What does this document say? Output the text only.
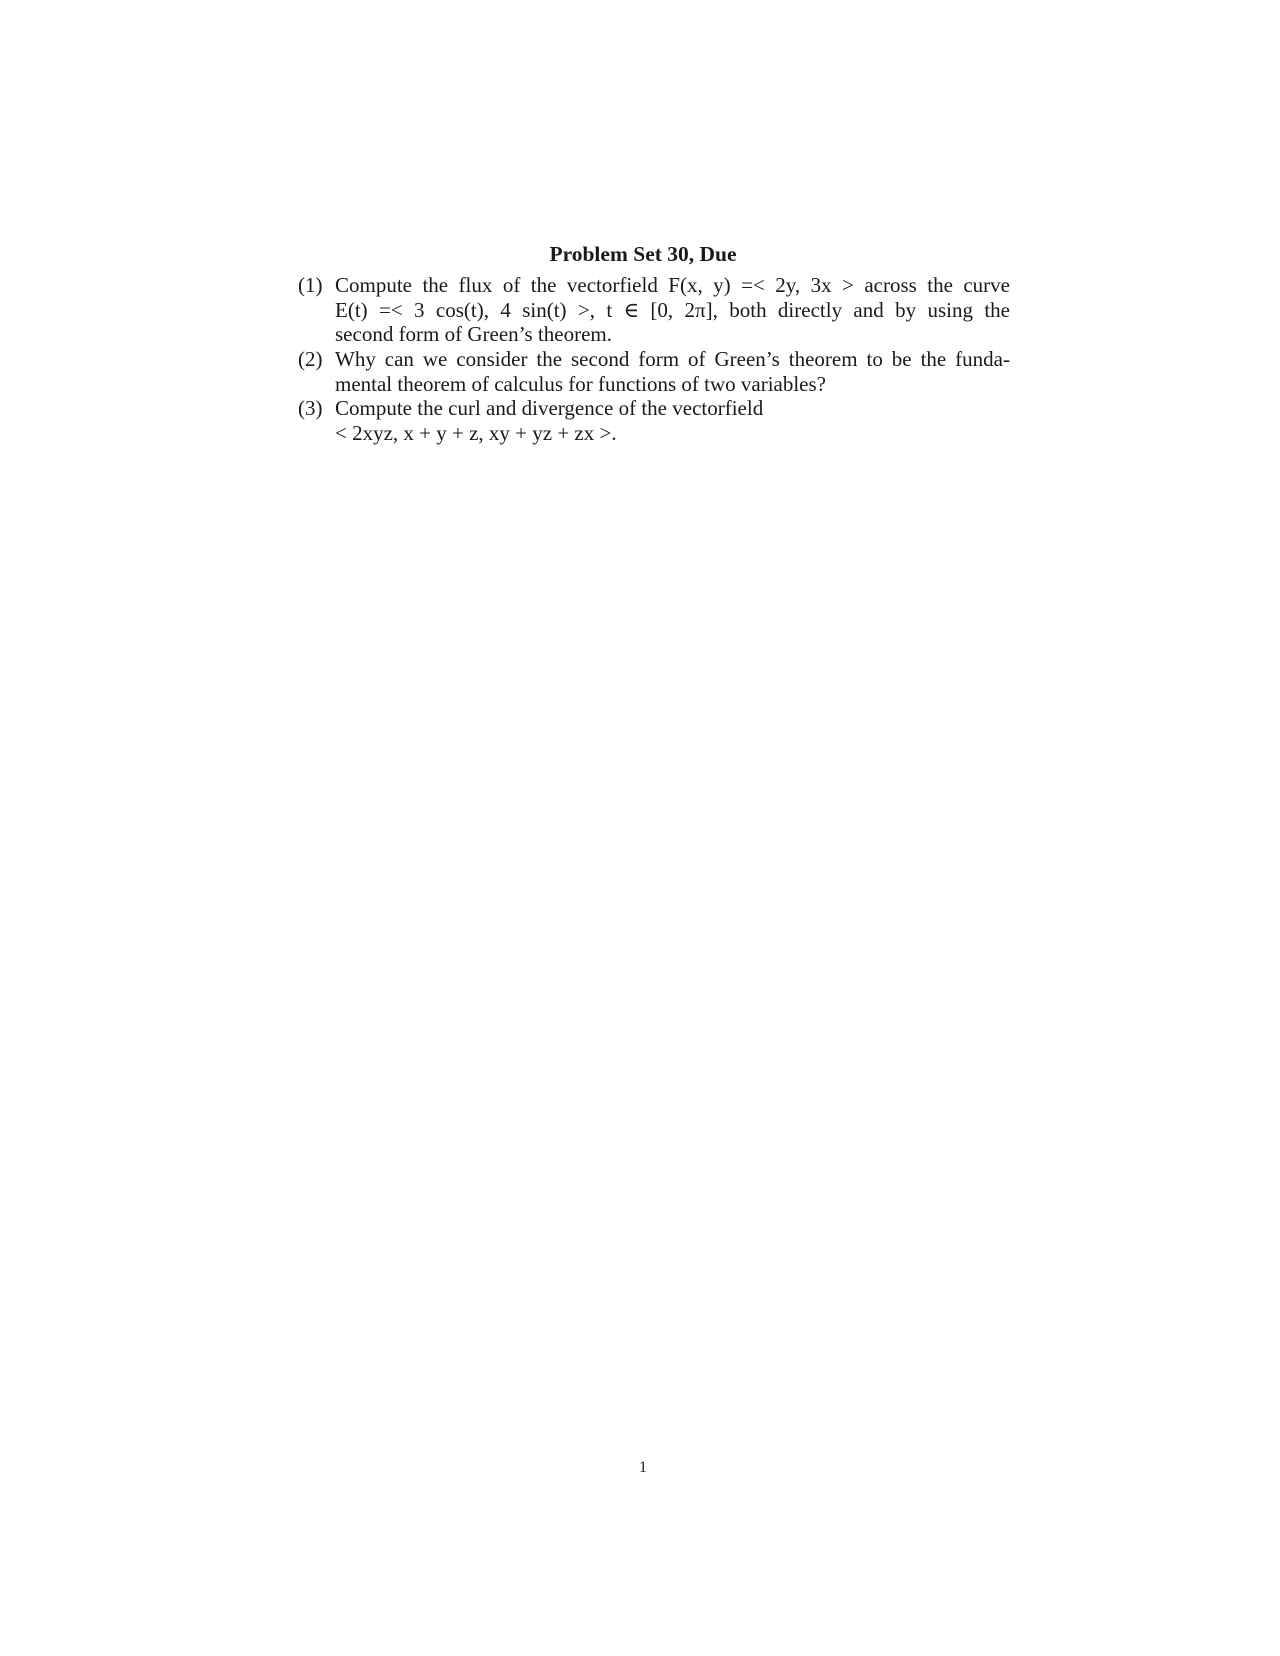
Problem Set 30, Due
(1) Compute the flux of the vectorfield F(x, y) =< 2y, 3x > across the curve
E(t) =< 3 cos(t), 4 sin(t) >, t ∈ [0, 2π], both directly and by using the
second form of Green’s theorem.
(2) Why can we consider the second form of Green’s theorem to be the funda-
mental theorem of calculus for functions of two variables?
(3) Compute the curl and divergence of the vectorfield
< 2xyz, x + y + z, xy + yz + zx >.
1
